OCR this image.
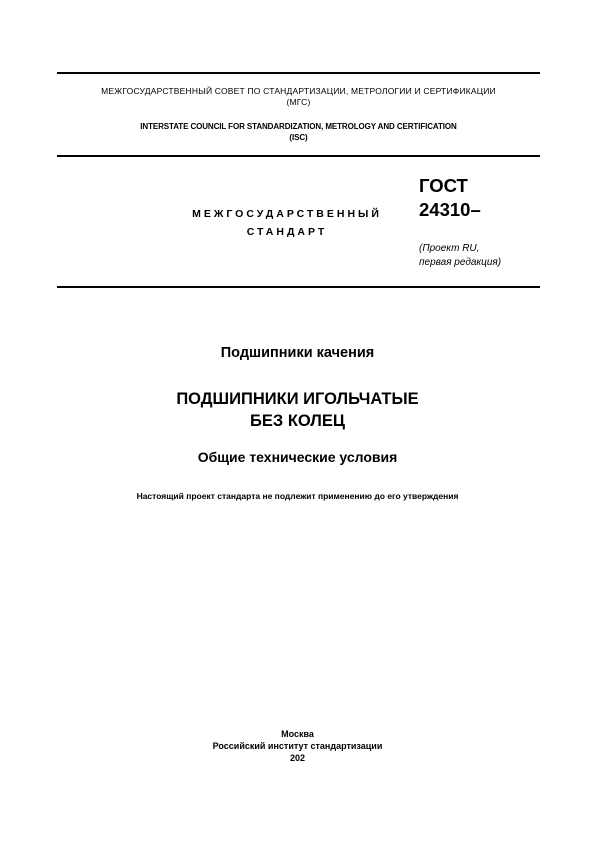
МЕЖГОСУДАРСТВЕННЫЙ СОВЕТ ПО СТАНДАРТИЗАЦИИ, МЕТРОЛОГИИ И СЕРТИФИКАЦИИ
(МГС)
INTERSTATE COUNCIL FOR STANDARDIZATION, METROLOGY AND CERTIFICATION
(ISC)
МЕЖГОСУДАРСТВЕННЫЙ
СТАНДАРТ
ГОСТ
24310–
(Проект RU,
первая редакция)
Подшипники качения
ПОДШИПНИКИ ИГОЛЬЧАТЫЕ
БЕЗ КОЛЕЦ
Общие технические условия
Настоящий проект стандарта не подлежит применению до его утверждения
Москва
Российский институт стандартизации
202
